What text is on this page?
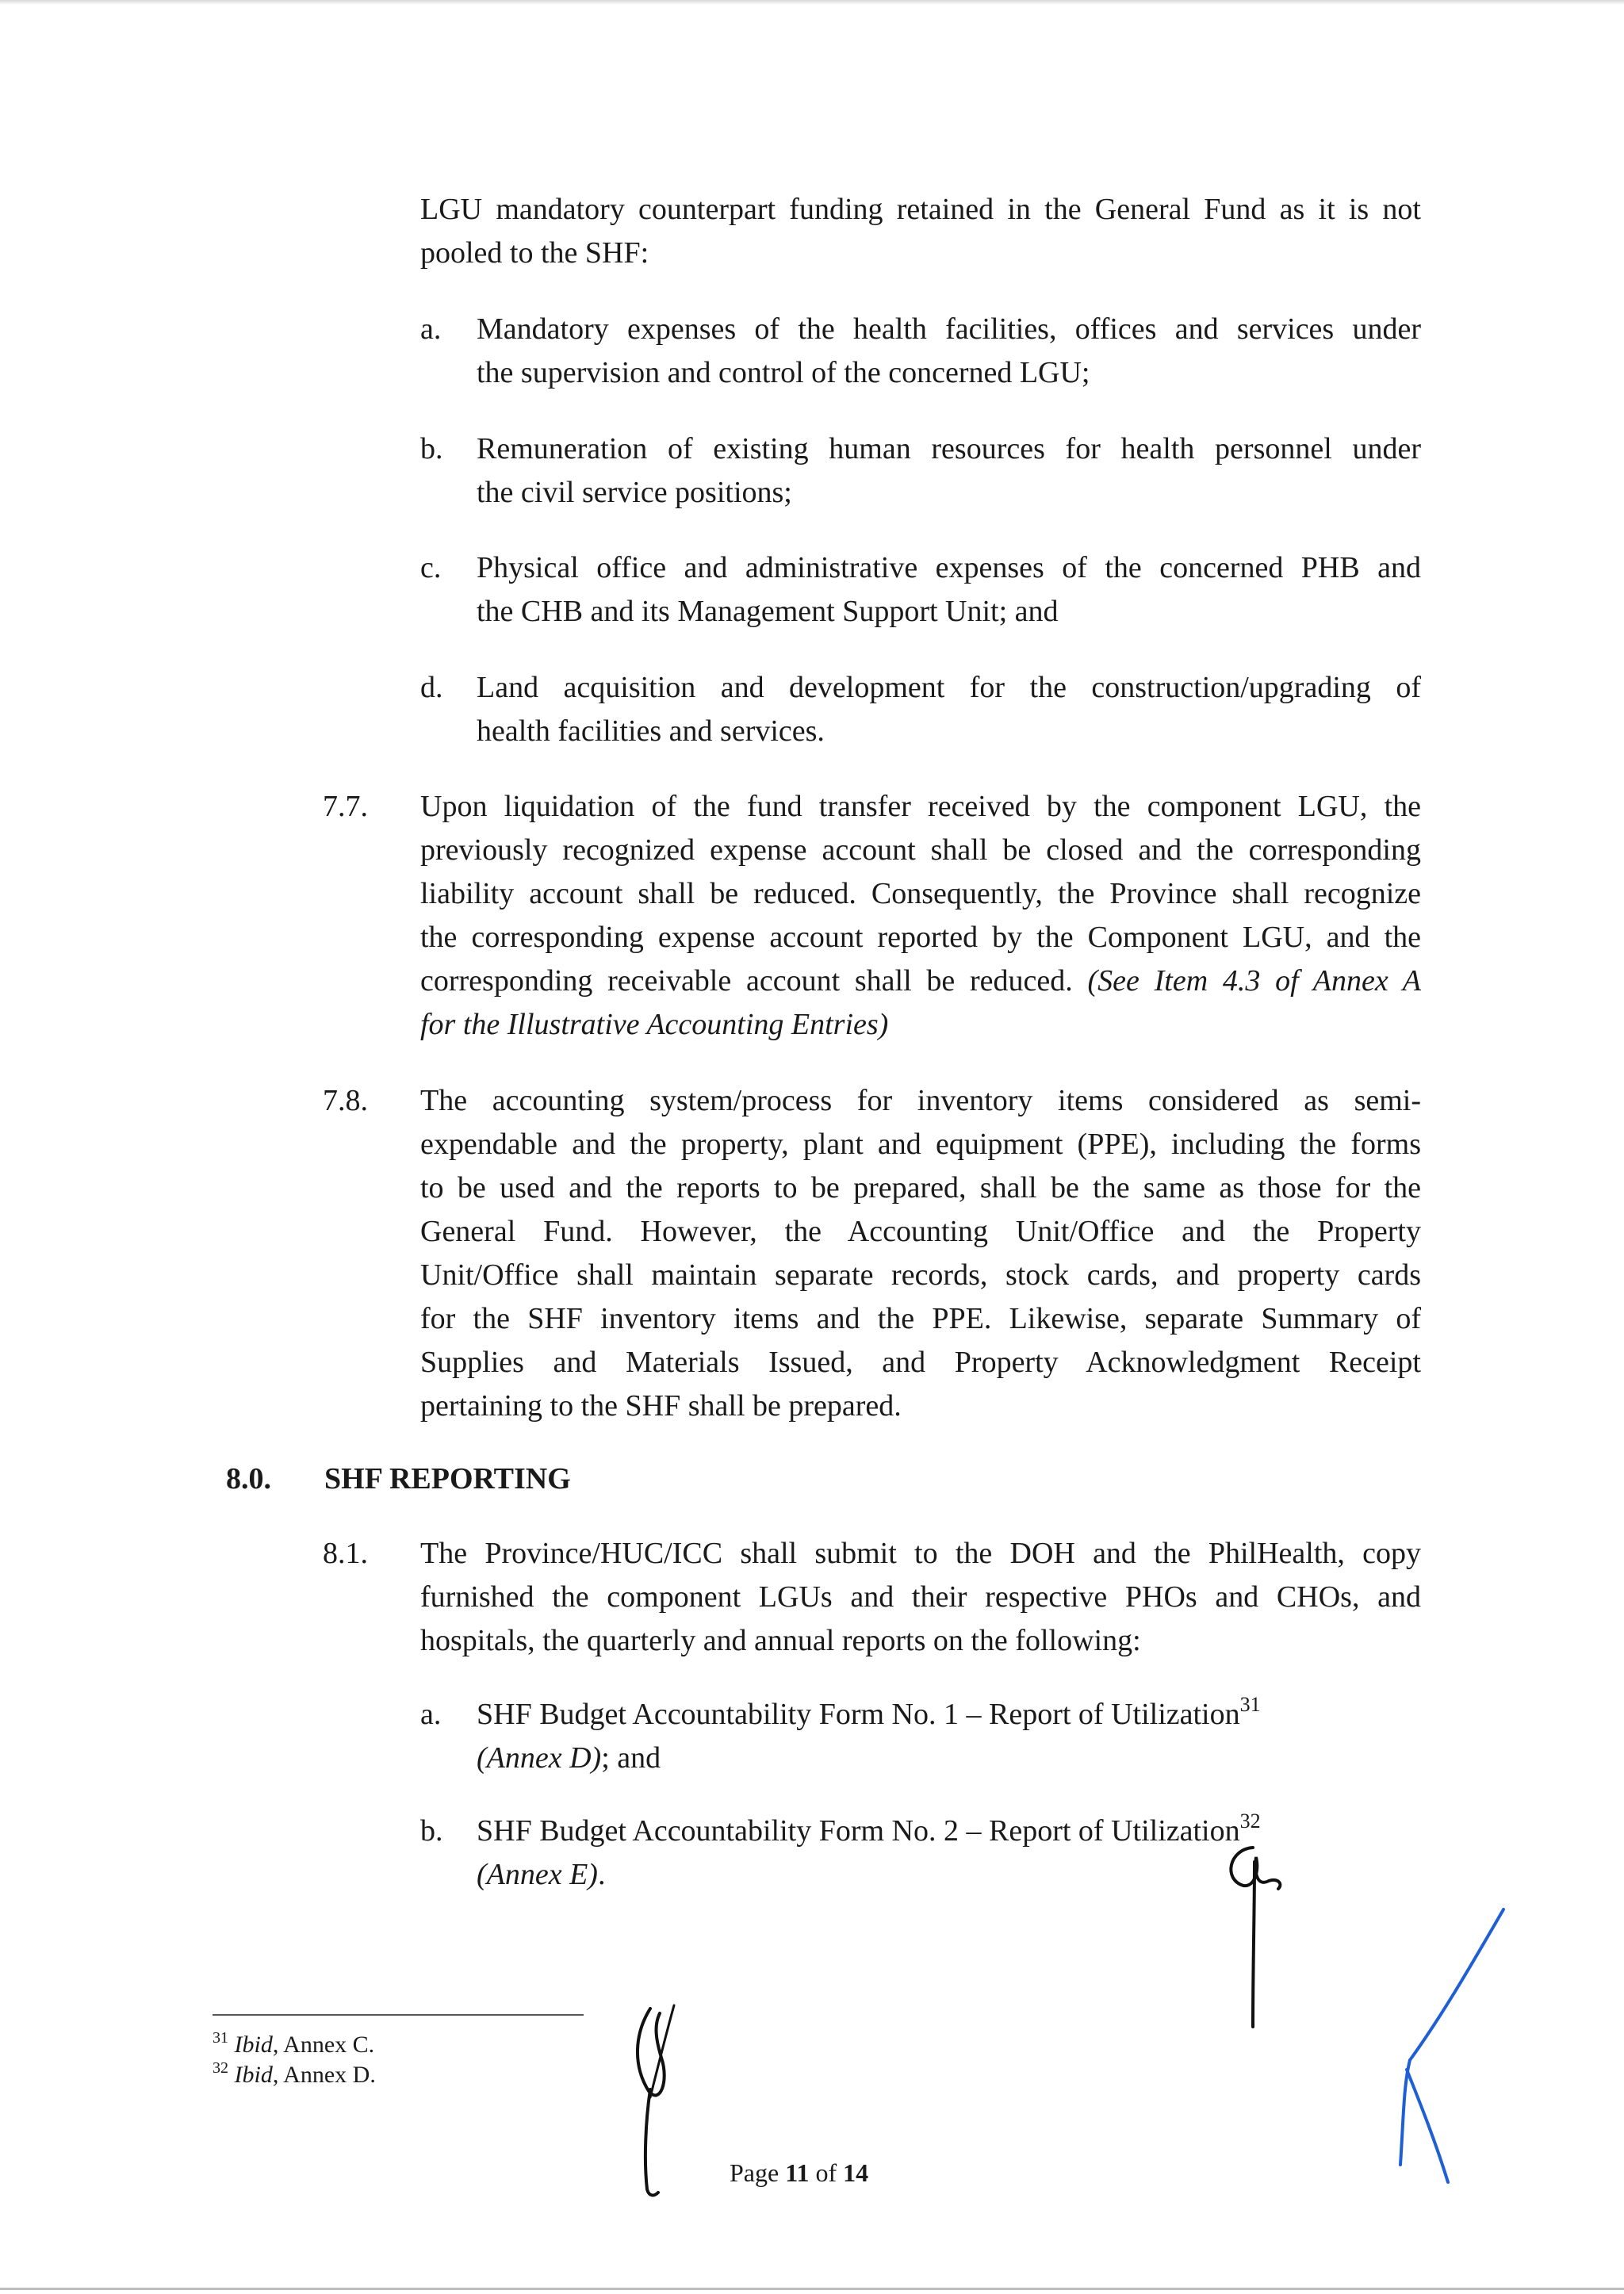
LGU mandatory counterpart funding retained in the General Fund as it is not
pooled to the SHF:
a. Mandatory expenses of the health facilities, offices and services under
the supervision and control of the concerned LGU;
b. Remuneration of existing human resources for health personnel under
the civil service positions;
c. Physical office and administrative expenses of the concerned PHB and
the CHB and its Management Support Unit; and
d. Land acquisition and development for the construction/upgrading of
health facilities and services.
7.7. Upon liquidation of the fund transfer received by the component LGU, the
previously recognized expense account shall be closed and the corresponding
liability account shall be reduced. Consequently, the Province shall recognize
the corresponding expense account reported by the Component LGU, and the
corresponding receivable account shall be reduced. (See Item 4.3 of Annex A
for the Illustrative Accounting Entries)
7.8. The accounting system/process for inventory items considered as semi-
expendable and the property, plant and equipment (PPE), including the forms
to be used and the reports to be prepared, shall be the same as those for the
General Fund. However, the Accounting Unit/Office and the Property
Unit/Office shall maintain separate records, stock cards, and property cards
for the SHF inventory items and the PPE. Likewise, separate Summary of
Supplies and Materials Issued, and Property Acknowledgment Receipt
pertaining to the SHF shall be prepared.
8.0. SHF REPORTING
8.1. The Province/HUC/ICC shall submit to the DOH and the PhilHealth, copy
furnished the component LGUs and their respective PHOs and CHOs, and
hospitals, the quarterly and annual reports on the following:
a. SHF Budget Accountability Form No. 1 – Report of Utilization$^{31}$
(Annex D); and
b. SHF Budget Accountability Form No. 2 – Report of Utilization$^{32}$
(Annex E).
$^{31}$ Ibid, Annex C.
$^{32}$ Ibid, Annex D.
Page 11 of 14
